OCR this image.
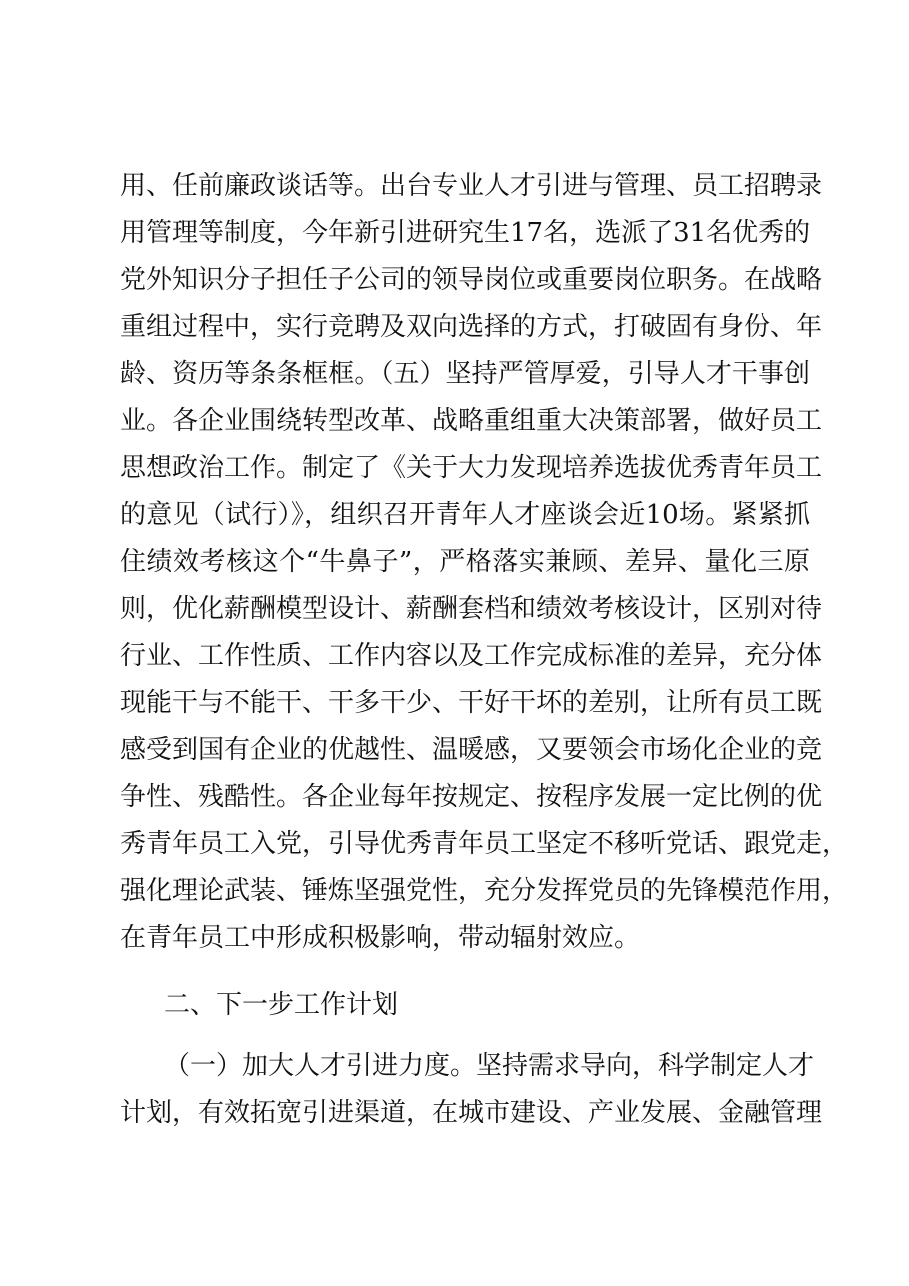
用、任前廉政谈话等。出台专业人才引进与管理、员工招聘录
用管理等制度，今年新引进研究生17名，选派了31名优秀的
党外知识分子担任子公司的领导岗位或重要岗位职务。在战略
重组过程中，实行竞聘及双向选择的方式，打破固有身份、年
龄、资历等条条框框。（五）坚持严管厚爱，引导人才干事创
业。各企业围绕转型改革、战略重组重大决策部署，做好员工
思想政治工作。制定了《关于大力发现培养选拔优秀青年员工
的意见（试行）》，组织召开青年人才座谈会近10场。紧紧抓
住绩效考核这个“牛鼻子”，严格落实兼顾、差异、量化三原
则，优化薪酬模型设计、薪酬套档和绩效考核设计，区别对待
行业、工作性质、工作内容以及工作完成标准的差异，充分体
现能干与不能干、干多干少、干好干坏的差别，让所有员工既
感受到国有企业的优越性、温暖感，又要领会市场化企业的竞
争性、残酷性。各企业每年按规定、按程序发展一定比例的优
秀青年员工入党，引导优秀青年员工坚定不移听党话、跟党走，
强化理论武装、锤炼坚强党性，充分发挥党员的先锋模范作用，
在青年员工中形成积极影响，带动辐射效应。
二、下一步工作计划
（一）加大人才引进力度。坚持需求导向，科学制定人才
计划，有效拓宽引进渠道，在城市建设、产业发展、金融管理
